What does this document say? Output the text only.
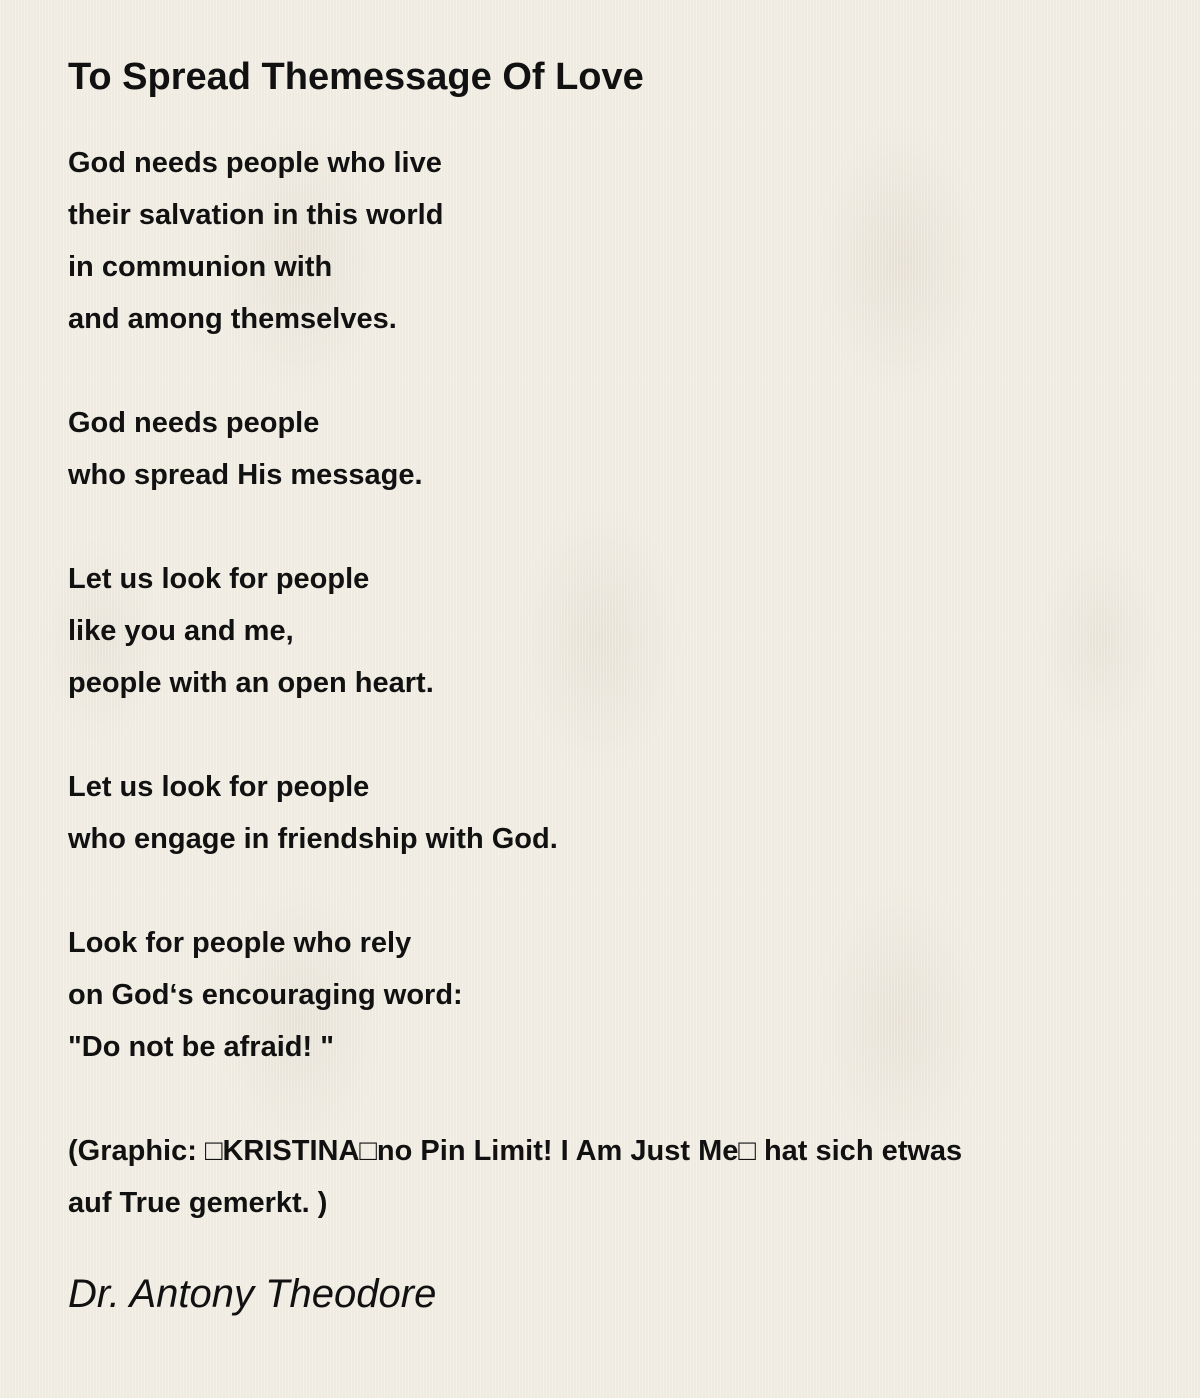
To Spread Themessage Of Love
God needs people who live
their salvation in this world
in communion with
and among themselves.
God needs people
who spread His message.
Let us look for people
like you and me,
people with an open heart.
Let us look for people
who engage in friendship with God.
Look for people who rely
on God‘s encouraging word:
"Do not be afraid! "
(Graphic: □KRISTINA□no Pin Limit! I Am Just Me□ hat sich etwas
auf True gemerkt. )
Dr. Antony Theodore
